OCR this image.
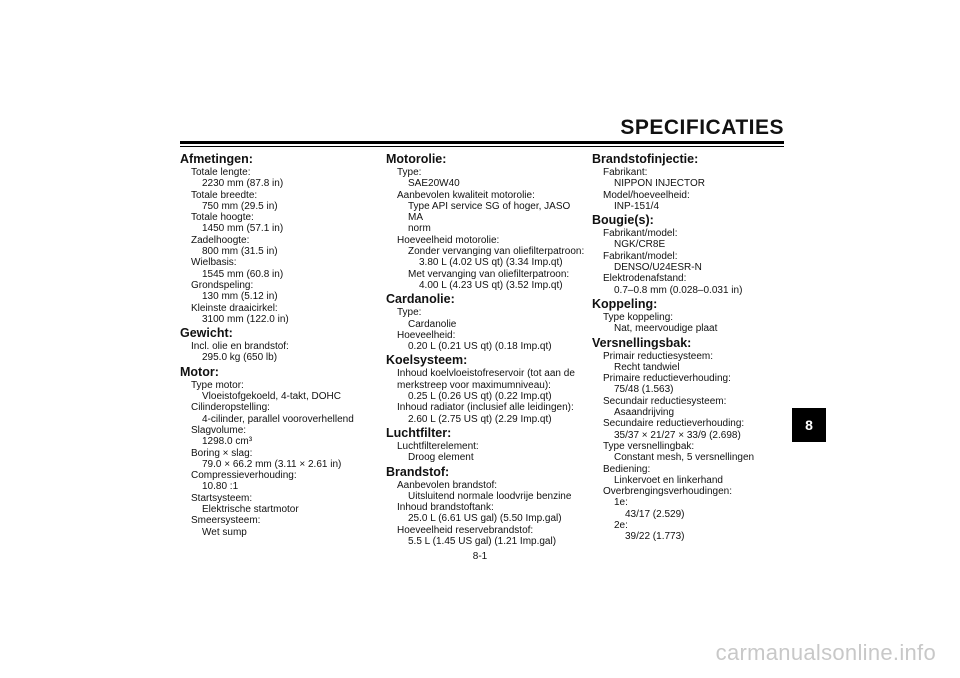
SPECIFICATIES
Afmetingen:
Totale lengte:
2230 mm (87.8 in)
Totale breedte:
750 mm (29.5 in)
Totale hoogte:
1450 mm (57.1 in)
Zadelhoogte:
800 mm (31.5 in)
Wielbasis:
1545 mm (60.8 in)
Grondspeling:
130 mm (5.12 in)
Kleinste draaicirkel:
3100 mm (122.0 in)
Gewicht:
Incl. olie en brandstof:
295.0 kg (650 lb)
Motor:
Type motor:
Vloeistofgekoeld, 4-takt, DOHC
Cilinderopstelling:
4-cilinder, parallel vooroverhellend
Slagvolume:
1298.0 cm³
Boring × slag:
79.0 × 66.2 mm (3.11 × 2.61 in)
Compressieverhouding:
10.80 :1
Startsysteem:
Elektrische startmotor
Smeersysteem:
Wet sump
Motorolie:
Type:
SAE20W40
Aanbevolen kwaliteit motorolie:
Type API service SG of hoger, JASO MA
norm
Hoeveelheid motorolie:
Zonder vervanging van oliefilterpatroon:
3.80 L (4.02 US qt) (3.34 Imp.qt)
Met vervanging van oliefilterpatroon:
4.00 L (4.23 US qt) (3.52 Imp.qt)
Cardanolie:
Type:
Cardanolie
Hoeveelheid:
0.20 L (0.21 US qt) (0.18 Imp.qt)
Koelsysteem:
Inhoud koelvloeistofreservoir (tot aan de
merkstreep voor maximumniveau):
0.25 L (0.26 US qt) (0.22 Imp.qt)
Inhoud radiator (inclusief alle leidingen):
2.60 L (2.75 US qt) (2.29 Imp.qt)
Luchtfilter:
Luchtfilterelement:
Droog element
Brandstof:
Aanbevolen brandstof:
Uitsluitend normale loodvrije benzine
Inhoud brandstoftank:
25.0 L (6.61 US gal) (5.50 Imp.gal)
Hoeveelheid reservebrandstof:
5.5 L (1.45 US gal) (1.21 Imp.gal)
Brandstofinjectie:
Fabrikant:
NIPPON INJECTOR
Model/hoeveelheid:
INP-151/4
Bougie(s):
Fabrikant/model:
NGK/CR8E
Fabrikant/model:
DENSO/U24ESR-N
Elektrodenafstand:
0.7–0.8 mm (0.028–0.031 in)
Koppeling:
Type koppeling:
Nat, meervoudige plaat
Versnellingsbak:
Primair reductiesysteem:
Recht tandwiel
Primaire reductieverhouding:
75/48 (1.563)
Secundair reductiesysteem:
Asaandrijving
Secundaire reductieverhouding:
35/37 × 21/27 × 33/9 (2.698)
Type versnellingbak:
Constant mesh, 5 versnellingen
Bediening:
Linkervoet en linkerhand
Overbrengingsverhoudingen:
1e:
43/17 (2.529)
2e:
39/22 (1.773)
8
8-1
carmanualsonline.info
